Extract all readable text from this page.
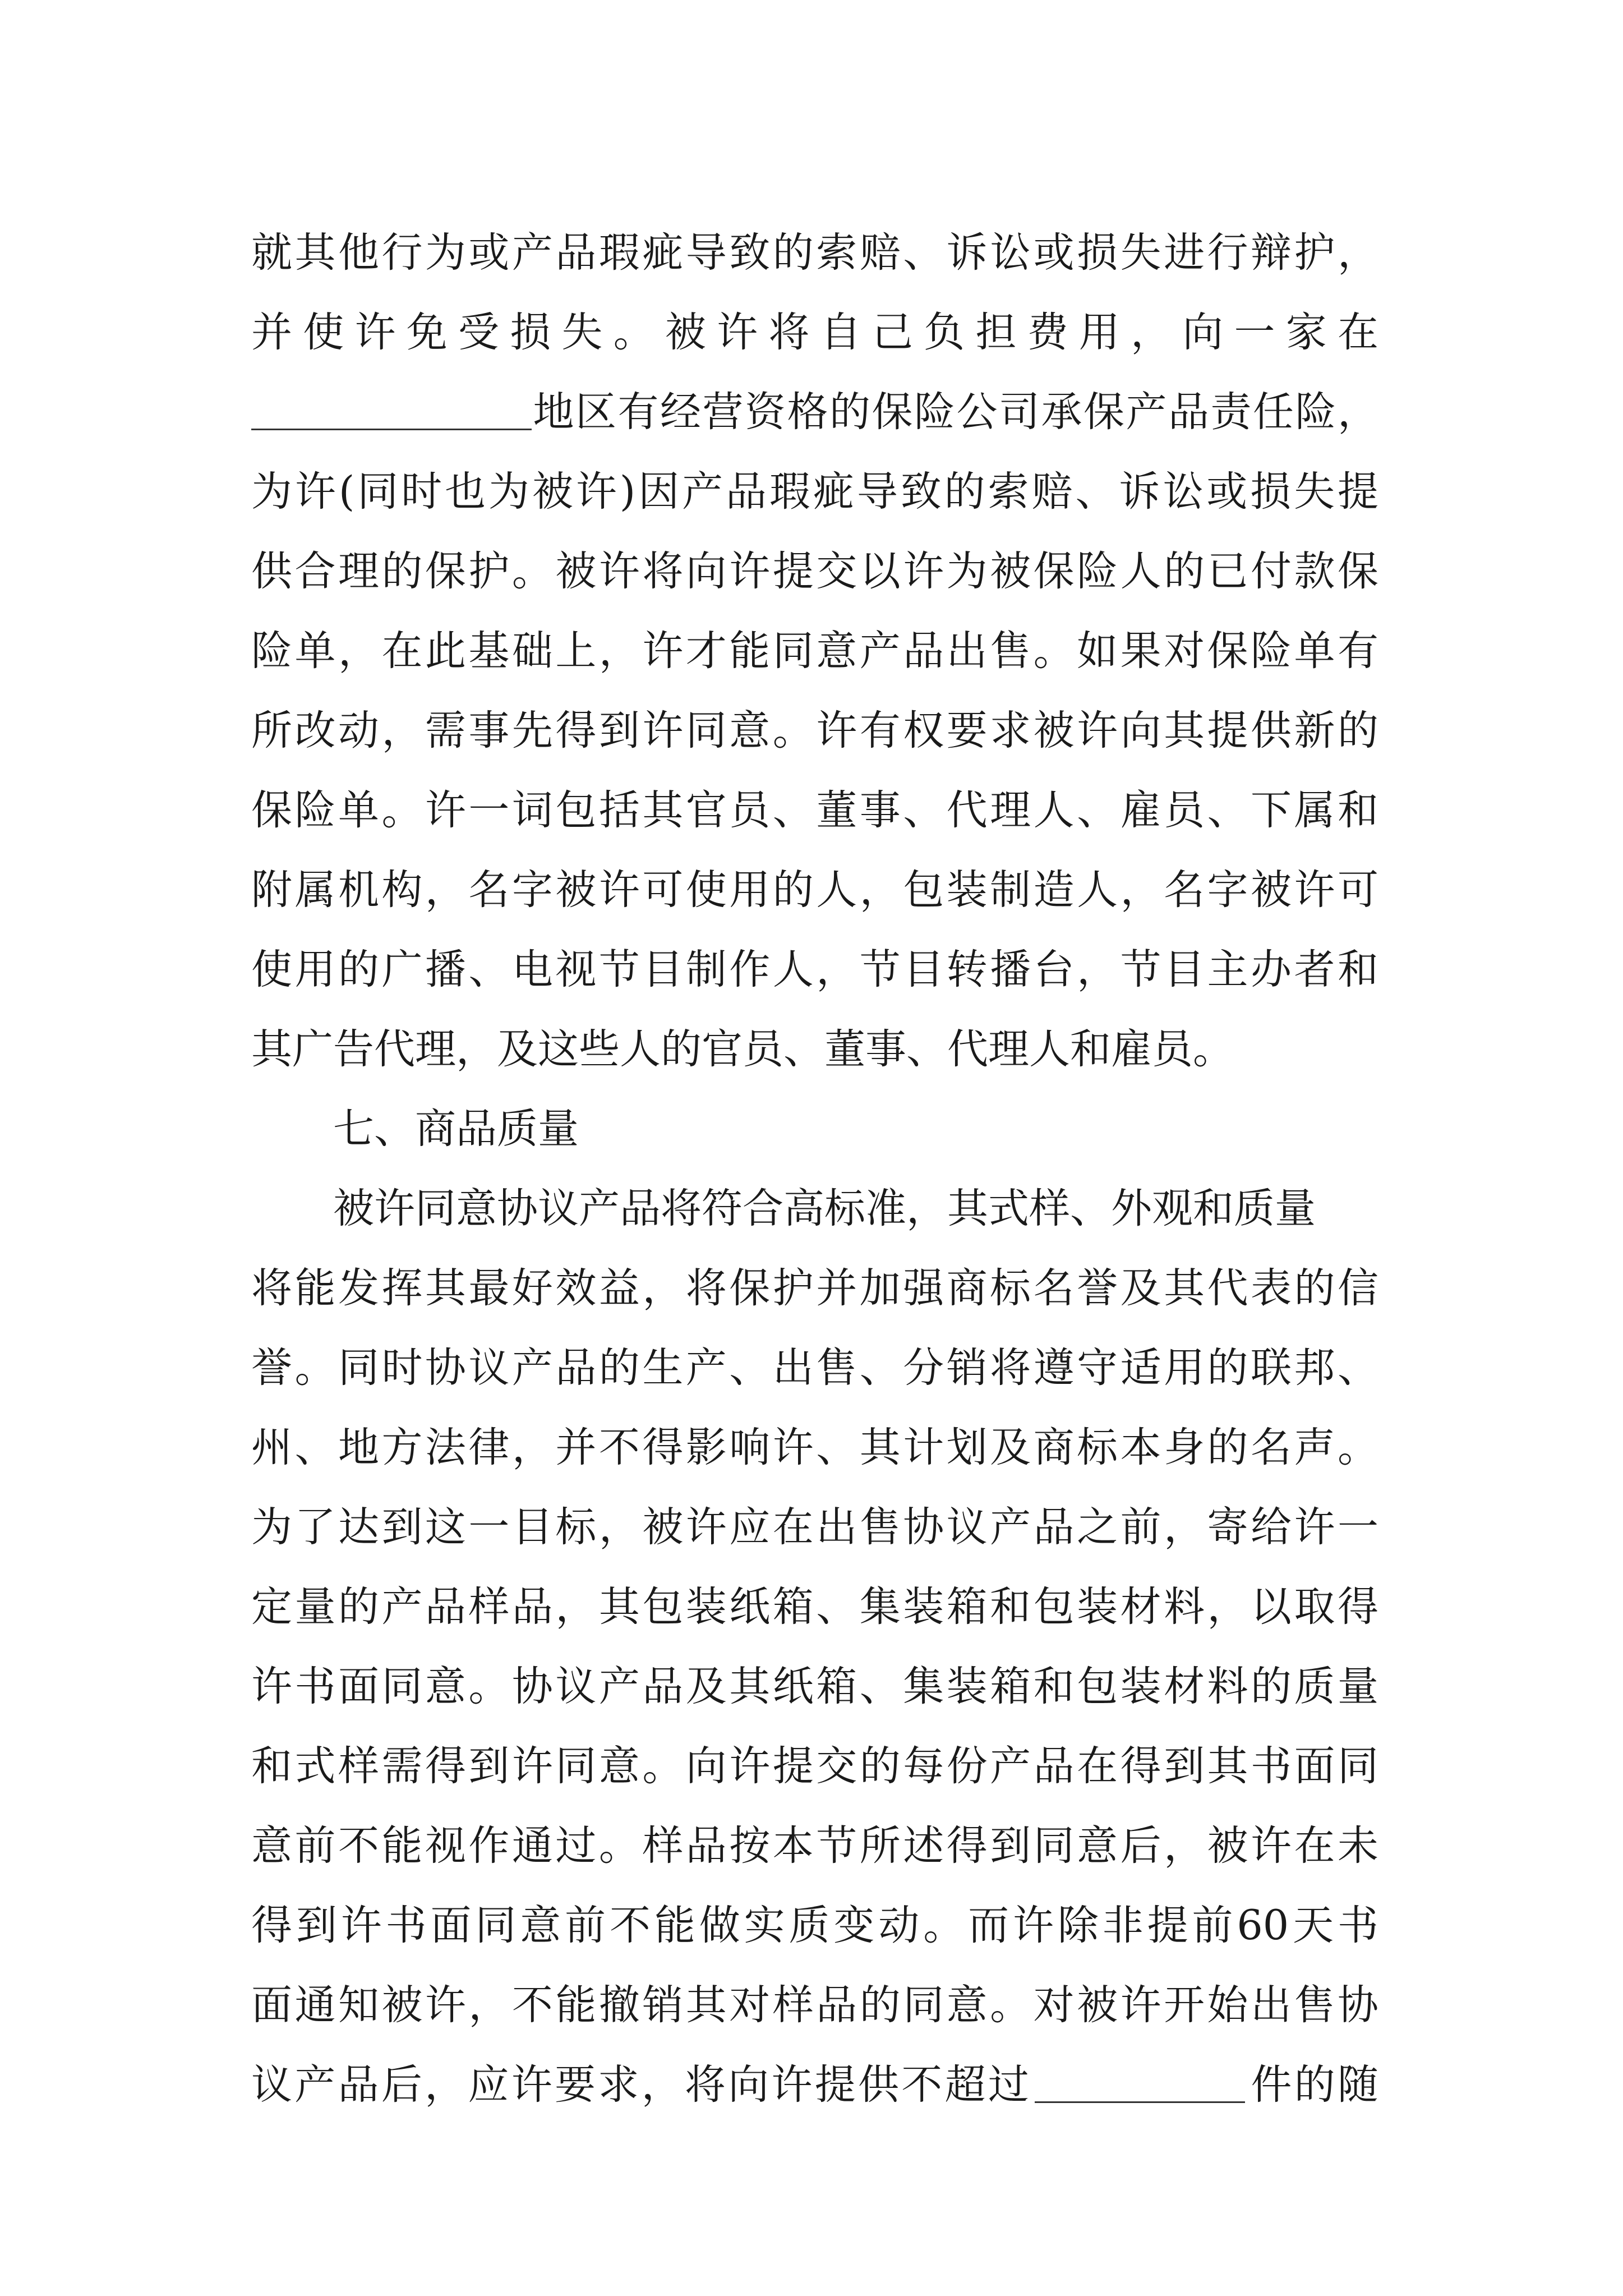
就其他行为或产品瑕疵导致的索赔、诉讼或损失进行辩护，
并使许免受损失。被许将自己负担费用，向一家在
地区有经营资格的保险公司承保产品责任险，
为许(同时也为被许)因产品瑕疵导致的索赔、诉讼或损失提
供合理的保护。被许将向许提交以许为被保险人的已付款保
险单，在此基础上，许才能同意产品出售。如果对保险单有
所改动，需事先得到许同意。许有权要求被许向其提供新的
保险单。许一词包括其官员、董事、代理人、雇员、下属和
附属机构，名字被许可使用的人，包装制造人，名字被许可
使用的广播、电视节目制作人，节目转播台，节目主办者和
其广告代理，及这些人的官员、董事、代理人和雇员。
七、商品质量
被许同意协议产品将符合高标准，其式样、外观和质量
将能发挥其最好效益，将保护并加强商标名誉及其代表的信
誉。同时协议产品的生产、出售、分销将遵守适用的联邦、
州、地方法律，并不得影响许、其计划及商标本身的名声。
为了达到这一目标，被许应在出售协议产品之前，寄给许一
定量的产品样品，其包装纸箱、集装箱和包装材料，以取得
许书面同意。协议产品及其纸箱、集装箱和包装材料的质量
和式样需得到许同意。向许提交的每份产品在得到其书面同
意前不能视作通过。样品按本节所述得到同意后，被许在未
得到许书面同意前不能做实质变动。而许除非提前60天书
面通知被许，不能撤销其对样品的同意。对被许开始出售协
议产品后，应许要求，将向许提供不超过	件的随
